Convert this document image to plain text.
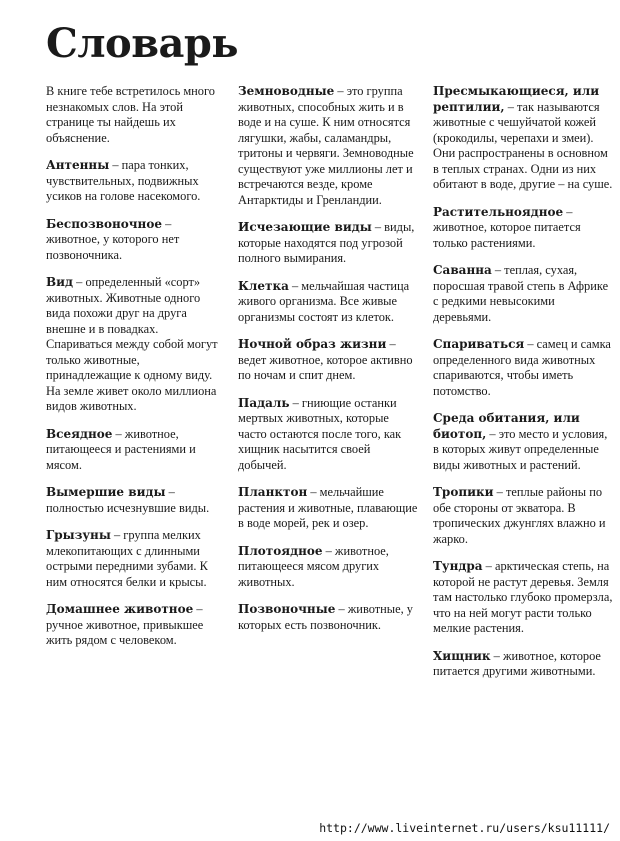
Словарь

В книге тебе встретилось много незнакомых слов. На этой странице ты найдешь их объяснение.

Антенны – пара тонких, чувствительных, подвижных усиков на голове насекомого.

Беспозвоночное – животное, у которого нет позвоночника.

Вид – определенный «сорт» животных. Животные одного вида похожи друг на друга внешне и в повадках. Спариваться между собой могут только животные, принадлежащие к одному виду. На земле живет около миллиона видов животных.

Всеядное – животное, питающееся и растениями и мясом.

Вымершие виды – полностью исчезнувшие виды.

Грызуны – группа мелких млекопитающих с длинными острыми передними зубами. К ним относятся белки и крысы.

Домашнее животное – ручное животное, привыкшее жить рядом с человеком.

Земноводные – это группа животных, способных жить и в воде и на суше. К ним относятся лягушки, жабы, саламандры, тритоны и червяги. Земноводные существуют уже миллионы лет и встречаются везде, кроме Антарктиды и Гренландии.

Исчезающие виды – виды, которые находятся под угрозой полного вымирания.

Клетка – мельчайшая частица живого организма. Все живые организмы состоят из клеток.

Ночной образ жизни – ведет животное, которое активно по ночам и спит днем.

Падаль – гниющие останки мертвых животных, которые часто остаются после того, как хищник насытится своей добычей.

Планктон – мельчайшие растения и животные, плавающие в воде морей, рек и озер.

Плотоядное – животное, питающееся мясом других животных.

Позвоночные – животные, у которых есть позвоночник.

Пресмыкающиеся, или рептилии, – так называются животные с чешуйчатой кожей (крокодилы, черепахи и змеи). Они распространены в основном в теплых странах. Одни из них обитают в воде, другие – на суше.

Растительноядное – животное, которое питается только растениями.

Саванна – теплая, сухая, поросшая травой степь в Африке с редкими невысокими деревьями.

Спариваться – самец и самка определенного вида животных спариваются, чтобы иметь потомство.

Среда обитания, или биотоп, – это место и условия, в которых живут определенные виды животных и растений.

Тропики – теплые районы по обе стороны от экватора. В тропических джунглях влажно и жарко.

Тундра – арктическая степь, на которой не растут деревья. Земля там настолько глубоко промерзла, что на ней могут расти только мелкие растения.

Хищник – животное, которое питается другими животными.

http://www.liveinternet.ru/users/ksu11111/
